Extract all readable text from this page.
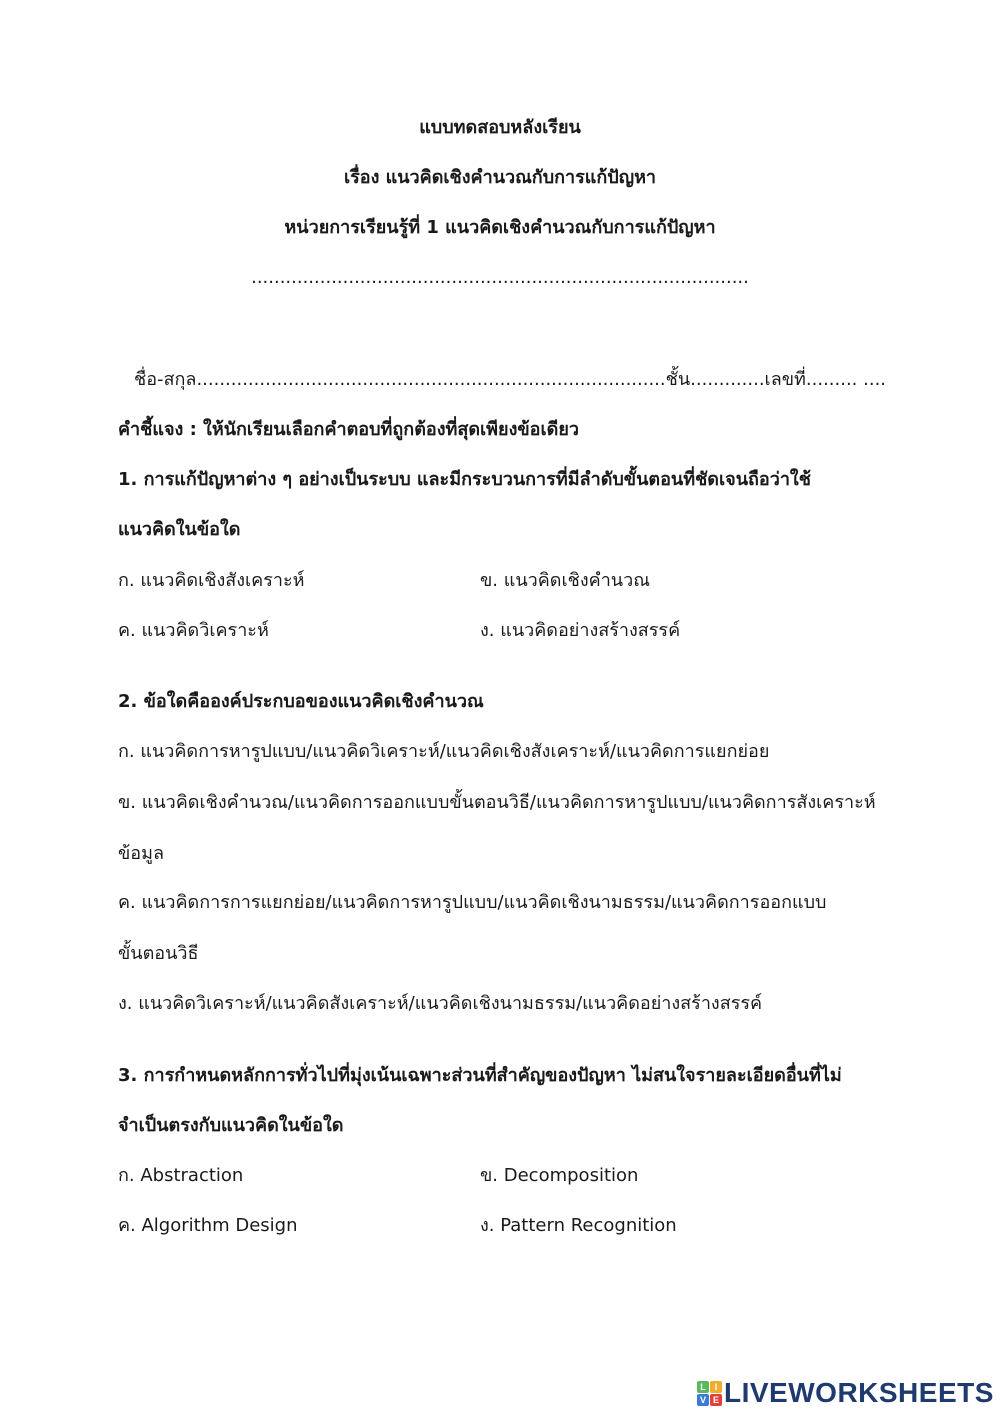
แบบทดสอบหลังเรียน
เรื่อง แนวคิดเชิงคำนวณกับการแก้ปัญหา
หน่วยการเรียนรู้ที่ 1 แนวคิดเชิงคำนวณกับการแก้ปัญหา
.......................................................................................
ชื่อ-สกุล..................................................................................ชั้น.............เลขที่......... ....
คำชี้แจง : ให้นักเรียนเลือกคำตอบที่ถูกต้องที่สุดเพียงข้อเดียว
1. การแก้ปัญหาต่าง ๆ อย่างเป็นระบบ และมีกระบวนการที่มีลำดับขั้นตอนที่ชัดเจนถือว่าใช้
แนวคิดในข้อใด
ก. แนวคิดเชิงสังเคราะห์	ข. แนวคิดเชิงคำนวณ
ค. แนวคิดวิเคราะห์	ง. แนวคิดอย่างสร้างสรรค์
2. ข้อใดคือองค์ประกบอของแนวคิดเชิงคำนวณ
ก. แนวคิดการหารูปแบบ/แนวคิดวิเคราะห์/แนวคิดเชิงสังเคราะห์/แนวคิดการแยกย่อย
ข. แนวคิดเชิงคำนวณ/แนวคิดการออกแบบขั้นตอนวิธี/แนวคิดการหารูปแบบ/แนวคิดการสังเคราะห์
ข้อมูล
ค. แนวคิดการการแยกย่อย/แนวคิดการหารูปแบบ/แนวคิดเชิงนามธรรม/แนวคิดการออกแบบ
ขั้นตอนวิธี
ง. แนวคิดวิเคราะห์/แนวคิดสังเคราะห์/แนวคิดเชิงนามธรรม/แนวคิดอย่างสร้างสรรค์
3. การกำหนดหลักการทั่วไปที่มุ่งเน้นเฉพาะส่วนที่สำคัญของปัญหา ไม่สนใจรายละเอียดอื่นที่ไม่
จำเป็นตรงกับแนวคิดในข้อใด
ก. Abstraction	ข. Decomposition
ค. Algorithm Design	ง. Pattern Recognition
L I
V E LIVEWORKSHEETS
